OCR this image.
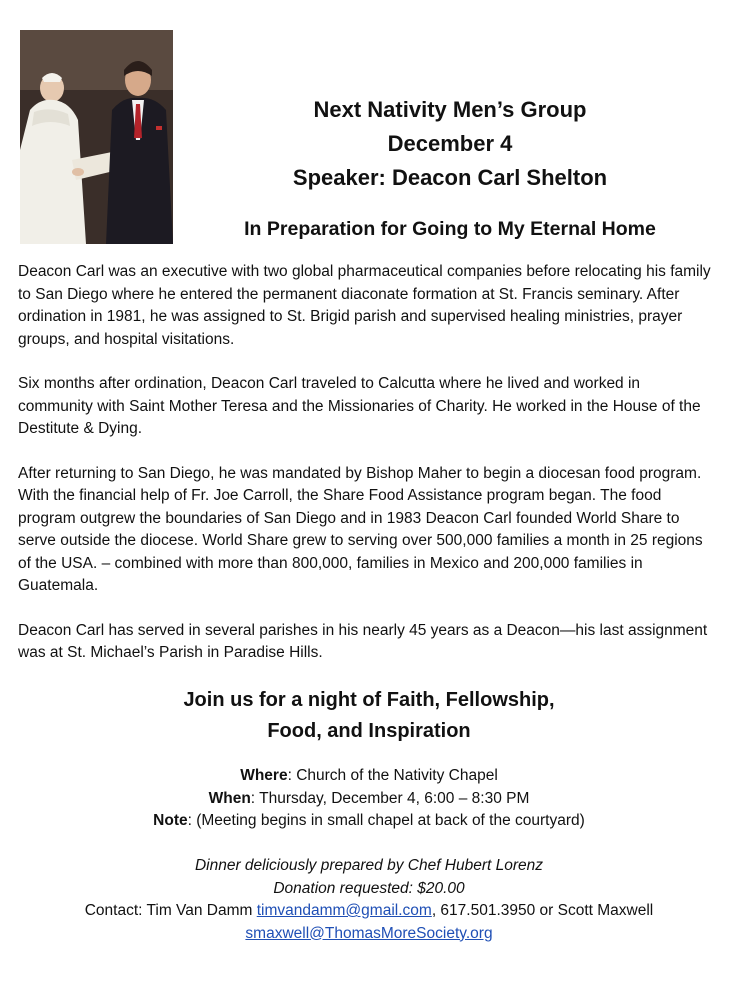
Next Nativity Men’s Group
December 4
Speaker: Deacon Carl Shelton
In Preparation for Going to My Eternal Home

Deacon Carl was an executive with two global pharmaceutical companies before relocating his family to San Diego where he entered the permanent diaconate formation at St. Francis seminary. After ordination in 1981, he was assigned to St. Brigid parish and supervised healing ministries, prayer groups, and hospital visitations.

Six months after ordination, Deacon Carl traveled to Calcutta where he lived and worked in community with Saint Mother Teresa and the Missionaries of Charity. He worked in the House of the Destitute & Dying.

After returning to San Diego, he was mandated by Bishop Maher to begin a diocesan food program. With the financial help of Fr. Joe Carroll, the Share Food Assistance program began. The food program outgrew the boundaries of San Diego and in 1983 Deacon Carl founded World Share to serve outside the diocese. World Share grew to serving over 500,000 families a month in 25 regions of the USA. – combined with more than 800,000, families in Mexico and 200,000 families in Guatemala.

Deacon Carl has served in several parishes in his nearly 45 years as a Deacon—his last assignment was at St. Michael’s Parish in Paradise Hills.

Join us for a night of Faith, Fellowship,
Food, and Inspiration
Where: Church of the Nativity Chapel
When: Thursday, December 4, 6:00 – 8:30 PM
Note: (Meeting begins in small chapel at back of the courtyard)
Dinner deliciously prepared by Chef Hubert Lorenz
Donation requested: $20.00
Contact: Tim Van Damm timvandamm@gmail.com, 617.501.3950 or Scott Maxwell
smaxwell@ThomasMoreSociety.org
